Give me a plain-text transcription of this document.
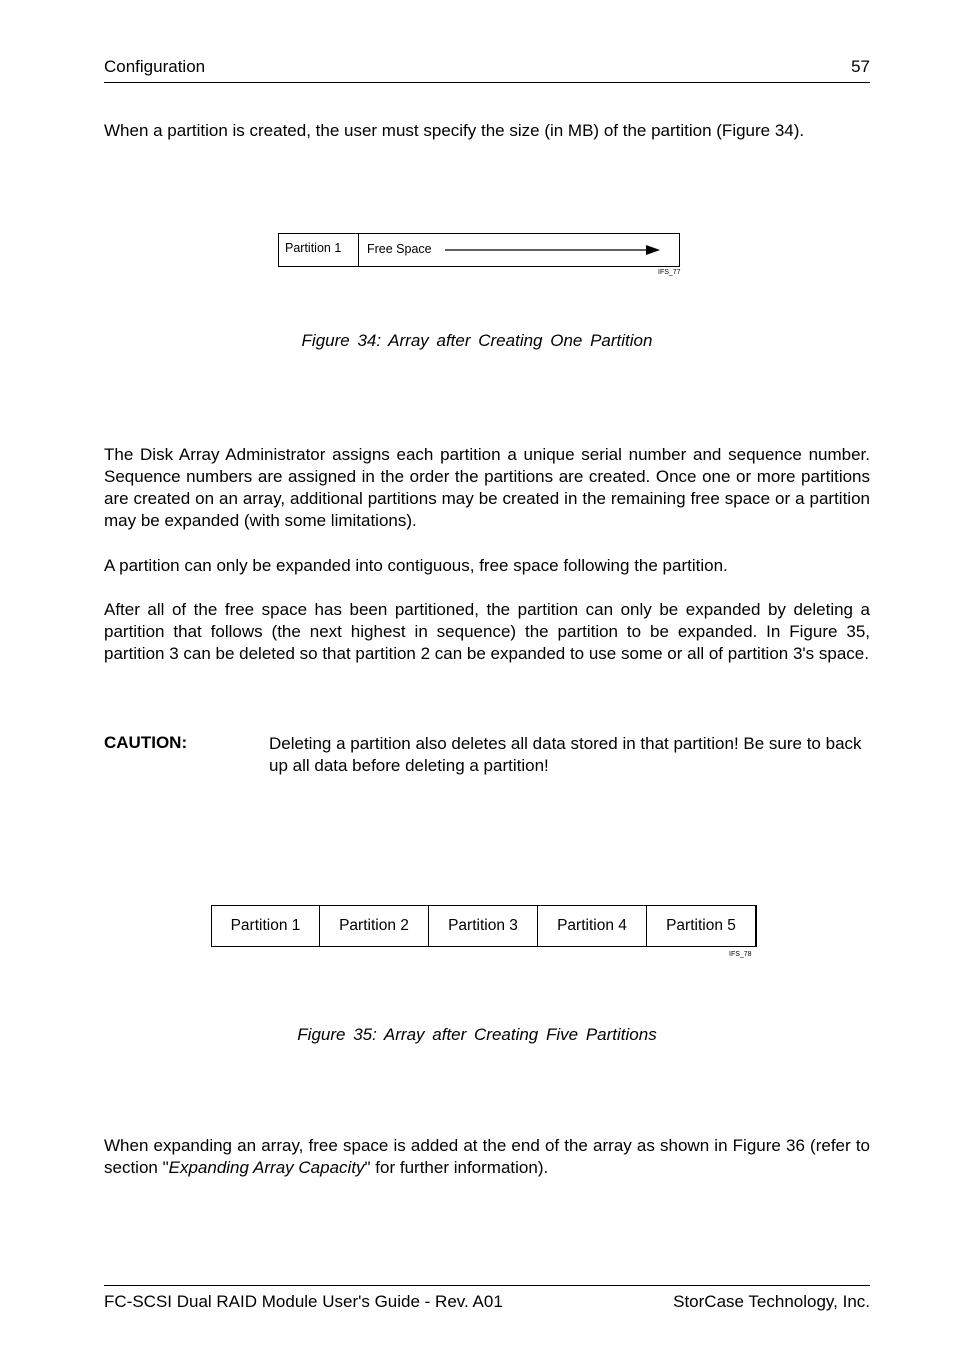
Configuration	57
When a partition is created, the user must specify the size (in MB) of the partition (Figure 34).
Partition 1	Free Space
IFS_77
Figure 34: Array after Creating One Partition
The Disk Array Administrator assigns each partition a unique serial number and sequence number. Sequence numbers are assigned in the order the partitions are created. Once one or more partitions are created on an array, additional partitions may be created in the remaining free space or a partition may be expanded (with some limitations).
A partition can only be expanded into contiguous, free space following the partition.
After all of the free space has been partitioned, the partition can only be expanded by deleting a partition that follows (the next highest in sequence) the partition to be expanded. In Figure 35, partition 3 can be deleted so that partition 2 can be expanded to use some or all of partition 3's space.
CAUTION:	Deleting a partition also deletes all data stored in that partition! Be sure to back up all data before deleting a partition!
Partition 1	Partition 2	Partition 3	Partition 4	Partition 5
IFS_78
Figure 35: Array after Creating Five Partitions
When expanding an array, free space is added at the end of the array as shown in Figure 36 (refer to section "Expanding Array Capacity" for further information).
FC-SCSI Dual RAID Module User's Guide - Rev. A01	StorCase Technology, Inc.
